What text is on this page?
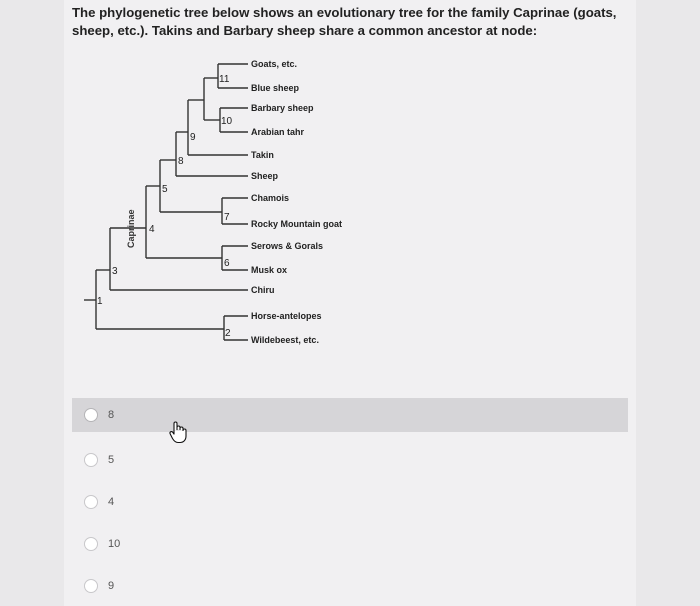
The phylogenetic tree below shows an evolutionary tree for the family Caprinae (goats, sheep, etc.). Takins and Barbary sheep share a common ancestor at node:
1
2
3
4
5
6
7
8
9
10
11
Caprinae
Goats, etc.
Blue sheep
Barbary sheep
Arabian tahr
Takin
Sheep
Chamois
Rocky Mountain goat
Serows & Gorals
Musk ox
Chiru
Horse-antelopes
Wildebeest, etc.
8
5
4
10
9
